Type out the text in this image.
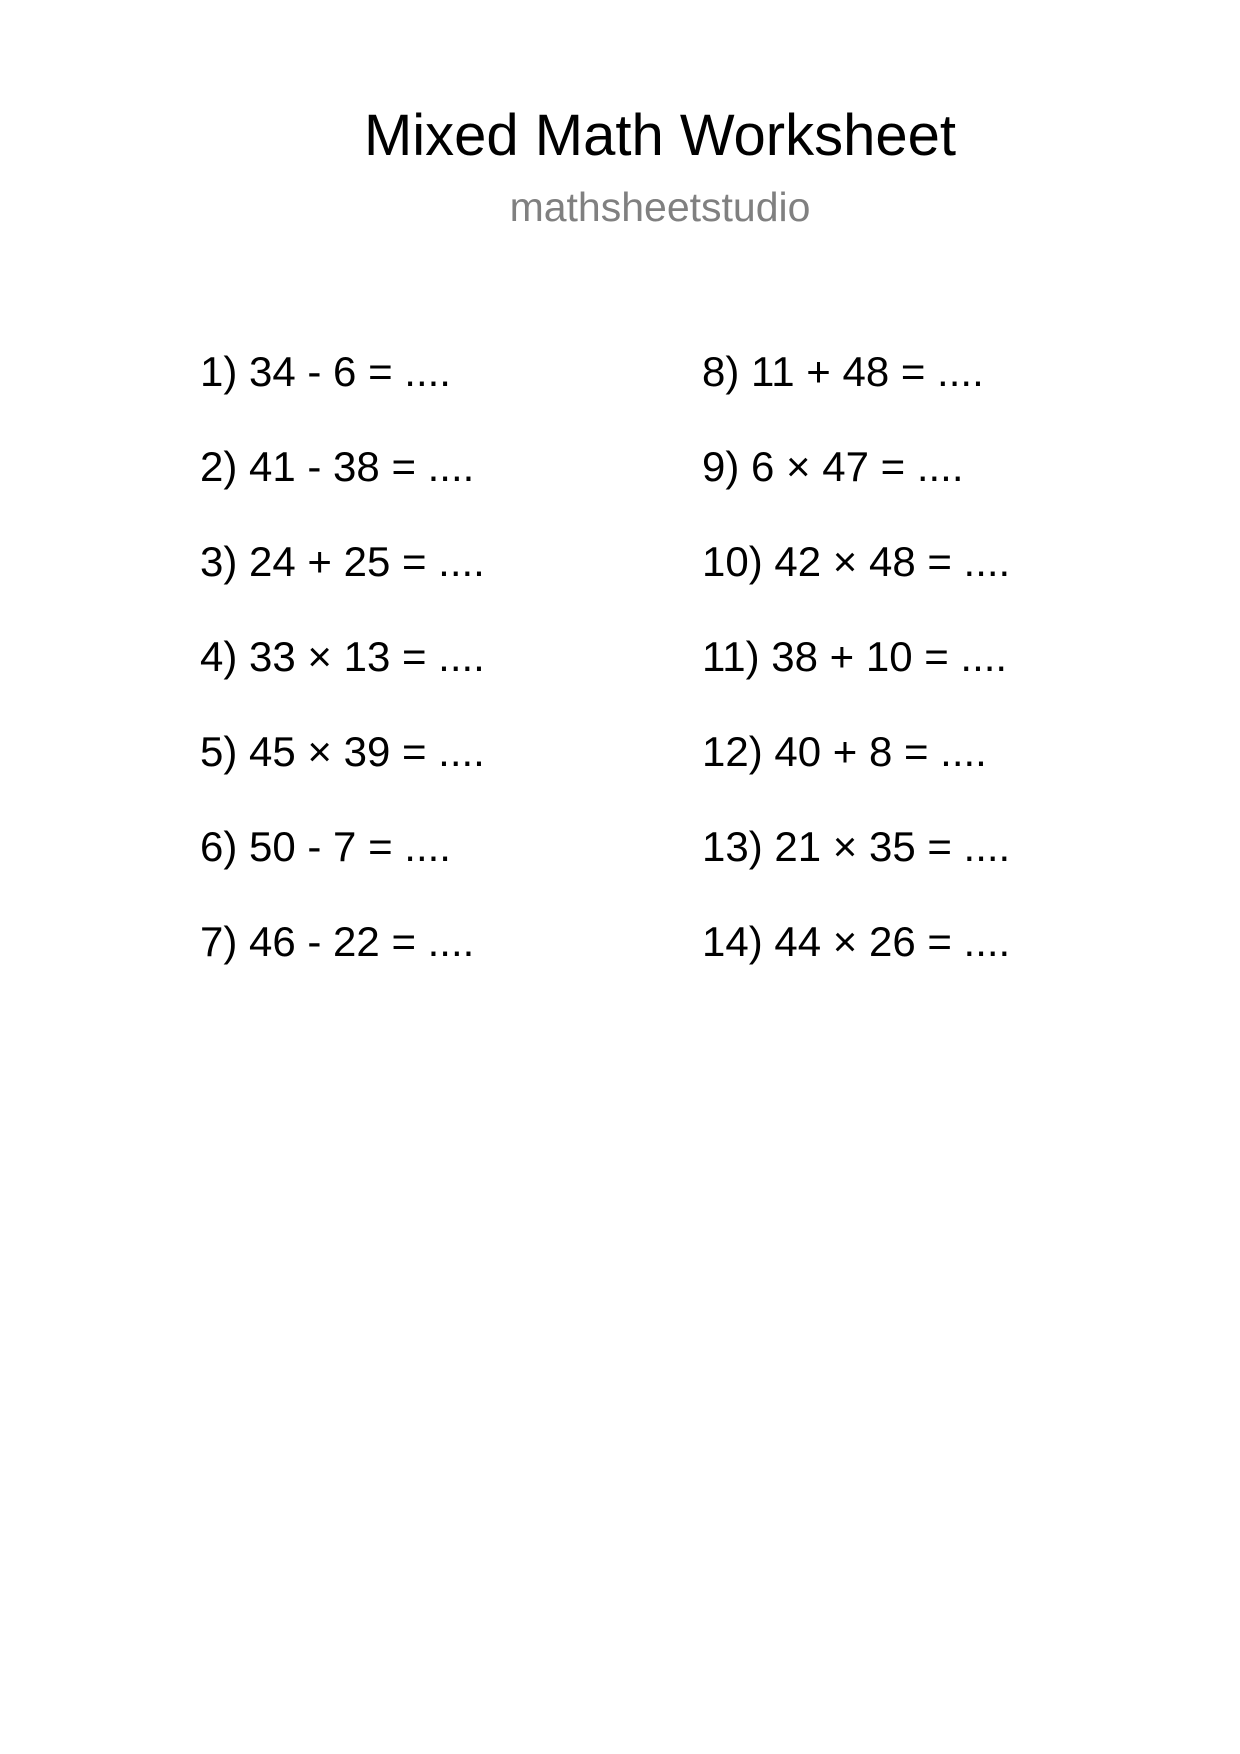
Mixed Math Worksheet
mathsheetstudio
1) 34 - 6 = ....
2) 41 - 38 = ....
3) 24 + 25 = ....
4) 33 × 13 = ....
5) 45 × 39 = ....
6) 50 - 7 = ....
7) 46 - 22 = ....
8) 11 + 48 = ....
9) 6 × 47 = ....
10) 42 × 48 = ....
11) 38 + 10 = ....
12) 40 + 8 = ....
13) 21 × 35 = ....
14) 44 × 26 = ....
